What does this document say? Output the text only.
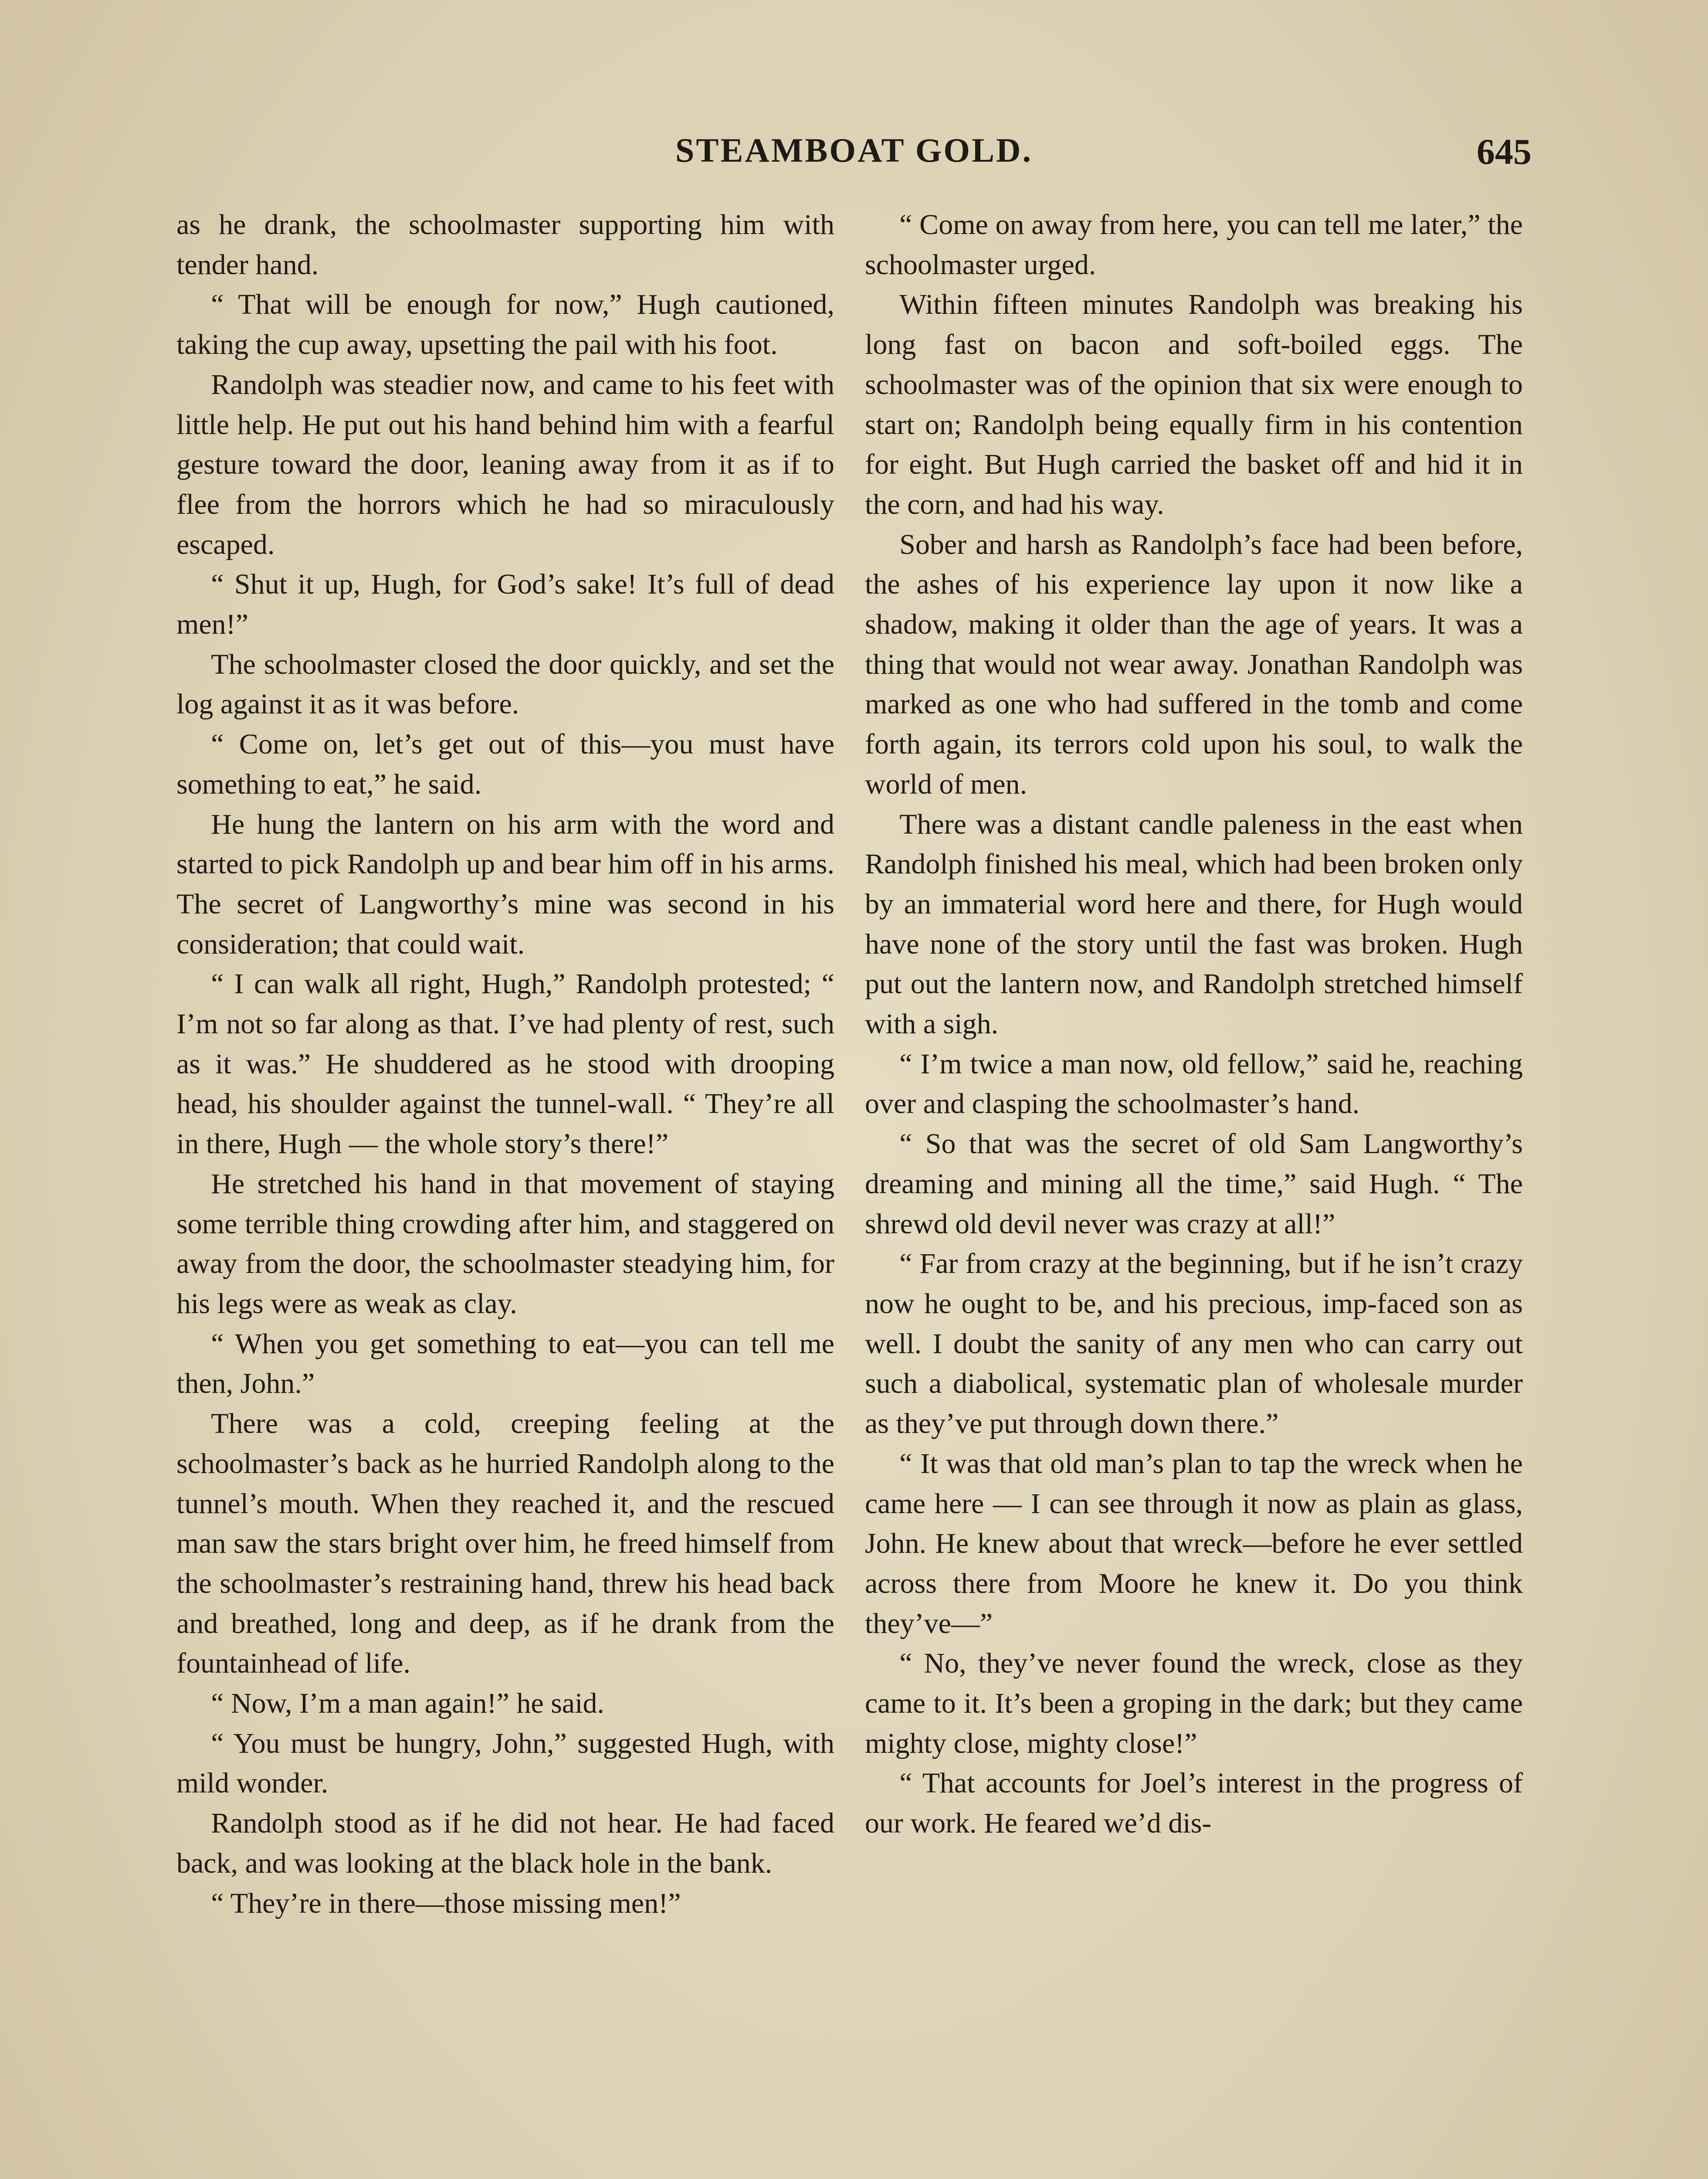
STEAMBOAT GOLD.	645

as he drank, the schoolmaster supporting him with tender hand.

“ That will be enough for now,” Hugh cautioned, taking the cup away, upsetting the pail with his foot.

Randolph was steadier now, and came to his feet with little help. He put out his hand behind him with a fearful gesture toward the door, leaning away from it as if to flee from the horrors which he had so miraculously escaped.

“ Shut it up, Hugh, for God’s sake! It’s full of dead men!”

The schoolmaster closed the door quickly, and set the log against it as it was before.

“ Come on, let’s get out of this—you must have something to eat,” he said.

He hung the lantern on his arm with the word and started to pick Randolph up and bear him off in his arms. The secret of Langworthy’s mine was second in his consideration; that could wait.

“ I can walk all right, Hugh,” Randolph protested; “ I’m not so far along as that. I’ve had plenty of rest, such as it was.” He shuddered as he stood with drooping head, his shoulder against the tunnel-wall. “ They’re all in there, Hugh — the whole story’s there!”

He stretched his hand in that movement of staying some terrible thing crowding after him, and staggered on away from the door, the schoolmaster steadying him, for his legs were as weak as clay.

“ When you get something to eat—you can tell me then, John.”

There was a cold, creeping feeling at the schoolmaster’s back as he hurried Randolph along to the tunnel’s mouth. When they reached it, and the rescued man saw the stars bright over him, he freed himself from the schoolmaster’s restraining hand, threw his head back and breathed, long and deep, as if he drank from the fountainhead of life.

“ Now, I’m a man again!” he said.

“ You must be hungry, John,” suggested Hugh, with mild wonder.

Randolph stood as if he did not hear. He had faced back, and was looking at the black hole in the bank.

“ They’re in there—those missing men!”

“ Come on away from here, you can tell me later,” the schoolmaster urged.

Within fifteen minutes Randolph was breaking his long fast on bacon and soft-boiled eggs. The schoolmaster was of the opinion that six were enough to start on; Randolph being equally firm in his contention for eight. But Hugh carried the basket off and hid it in the corn, and had his way.

Sober and harsh as Randolph’s face had been before, the ashes of his experience lay upon it now like a shadow, making it older than the age of years. It was a thing that would not wear away. Jonathan Randolph was marked as one who had suffered in the tomb and come forth again, its terrors cold upon his soul, to walk the world of men.

There was a distant candle paleness in the east when Randolph finished his meal, which had been broken only by an immaterial word here and there, for Hugh would have none of the story until the fast was broken. Hugh put out the lantern now, and Randolph stretched himself with a sigh.

“ I’m twice a man now, old fellow,” said he, reaching over and clasping the schoolmaster’s hand.

“ So that was the secret of old Sam Langworthy’s dreaming and mining all the time,” said Hugh. “ The shrewd old devil never was crazy at all!”

“ Far from crazy at the beginning, but if he isn’t crazy now he ought to be, and his precious, imp-faced son as well. I doubt the sanity of any men who can carry out such a diabolical, systematic plan of wholesale murder as they’ve put through down there.”

“ It was that old man’s plan to tap the wreck when he came here — I can see through it now as plain as glass, John. He knew about that wreck—before he ever settled across there from Moore he knew it. Do you think they’ve—”

“ No, they’ve never found the wreck, close as they came to it. It’s been a groping in the dark; but they came mighty close, mighty close!”

“ That accounts for Joel’s interest in the progress of our work. He feared we’d dis-
